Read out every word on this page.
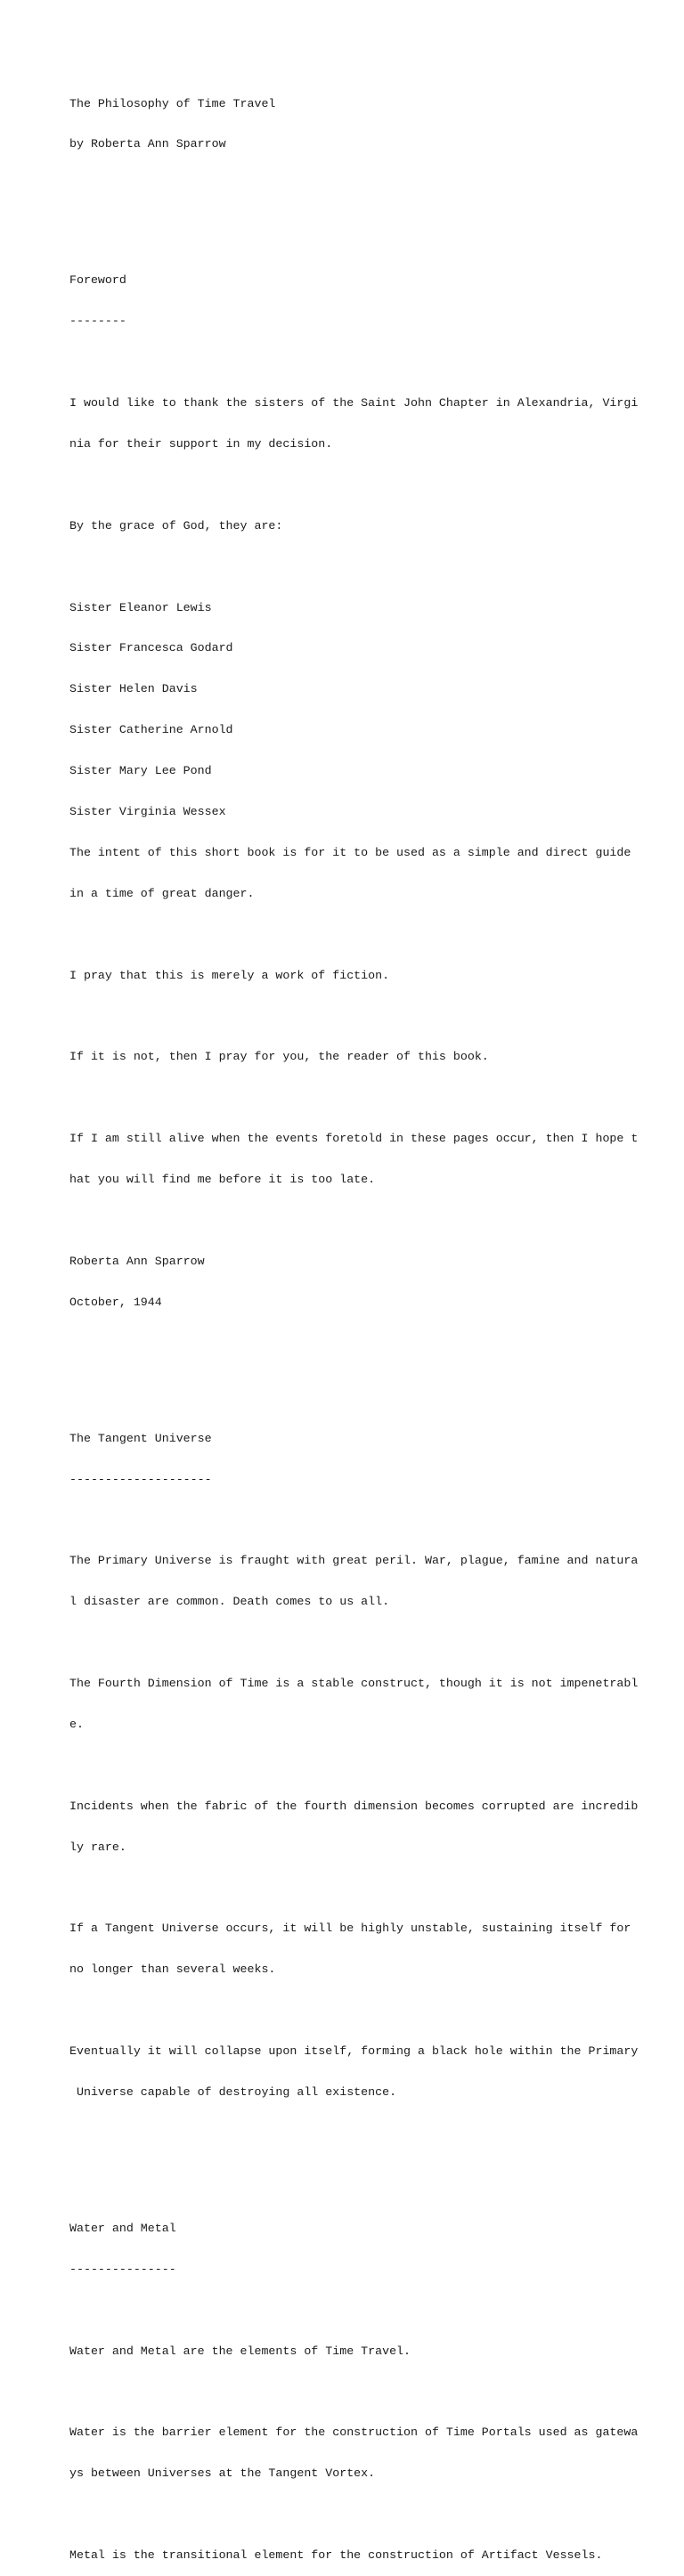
The Philosophy of Time Travel

by Roberta Ann Sparrow

Foreword

--------

I would like to thank the sisters of the Saint John Chapter in Alexandria, Virgi

nia for their support in my decision.

By the grace of God, they are:

Sister Eleanor Lewis

Sister Francesca Godard

Sister Helen Davis

Sister Catherine Arnold

Sister Mary Lee Pond

Sister Virginia Wessex

The intent of this short book is for it to be used as a simple and direct guide

in a time of great danger.

I pray that this is merely a work of fiction.

If it is not, then I pray for you, the reader of this book.

If I am still alive when the events foretold in these pages occur, then I hope t

hat you will find me before it is too late.

Roberta Ann Sparrow

October, 1944

The Tangent Universe

--------------------

The Primary Universe is fraught with great peril. War, plague, famine and natura

l disaster are common. Death comes to us all.

The Fourth Dimension of Time is a stable construct, though it is not impenetrabl

e.

Incidents when the fabric of the fourth dimension becomes corrupted are incredib

ly rare.

If a Tangent Universe occurs, it will be highly unstable, sustaining itself for

no longer than several weeks.

Eventually it will collapse upon itself, forming a black hole within the Primary

Universe capable of destroying all existence.

Water and Metal

---------------

Water and Metal are the elements of Time Travel.

Water is the barrier element for the construction of Time Portals used as gatewa

ys between Universes at the Tangent Vortex.

Metal is the transitional element for the construction of Artifact Vessels.
